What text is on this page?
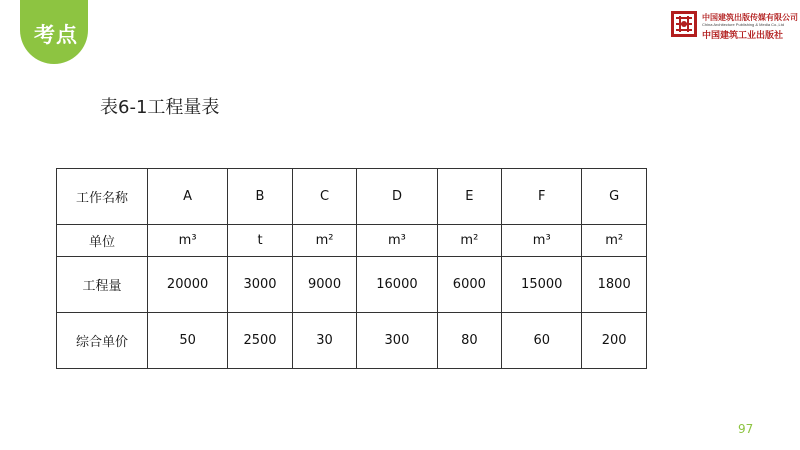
考点
中国建筑出版传媒有限公司
China Architecture Publishing & Media Co.,Ltd
中国建筑工业出版社
表6-1工程量表
工作名称	A	B	C	D	E	F	G
单位	m³	t	m²	m³	m²	m³	m²
工程量	20000	3000	9000	16000	6000	15000	1800
综合单价	50	2500	30	300	80	60	200
97
